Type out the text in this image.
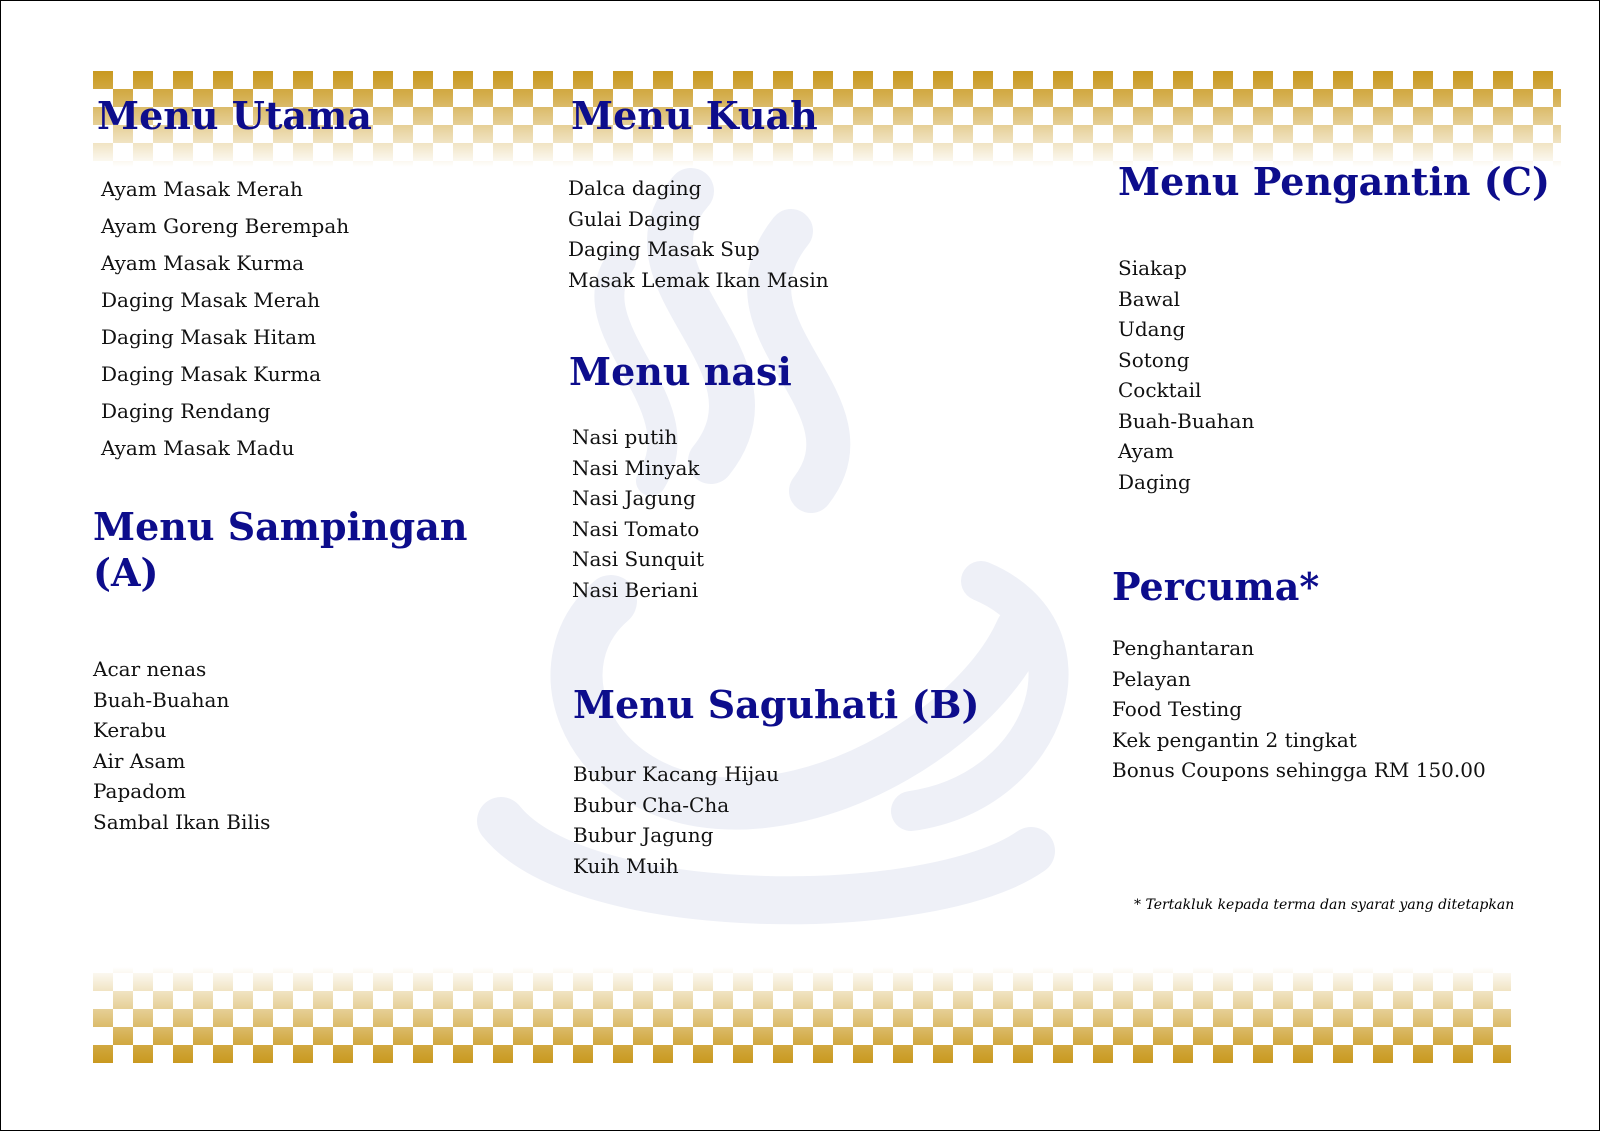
Menu Utama
Ayam Masak Merah
Ayam Goreng Berempah
Ayam Masak Kurma
Daging Masak Merah
Daging Masak Hitam
Daging Masak Kurma
Daging Rendang
Ayam Masak Madu
Menu Sampingan
(A)
Acar nenas
Buah-Buahan
Kerabu
Air Asam
Papadom
Sambal Ikan Bilis
Menu Kuah
Dalca daging
Gulai Daging
Daging Masak Sup
Masak Lemak Ikan Masin
Menu nasi
Nasi putih
Nasi Minyak
Nasi Jagung
Nasi Tomato
Nasi Sunquit
Nasi Beriani
Menu Saguhati (B)
Bubur Kacang Hijau
Bubur Cha-Cha
Bubur Jagung
Kuih Muih
Menu Pengantin (C)
Siakap
Bawal
Udang
Sotong
Cocktail
Buah-Buahan
Ayam
Daging
Percuma*
Penghantaran
Pelayan
Food Testing
Kek pengantin 2 tingkat
Bonus Coupons sehingga RM 150.00

* Tertakluk kepada terma dan syarat yang ditetapkan
